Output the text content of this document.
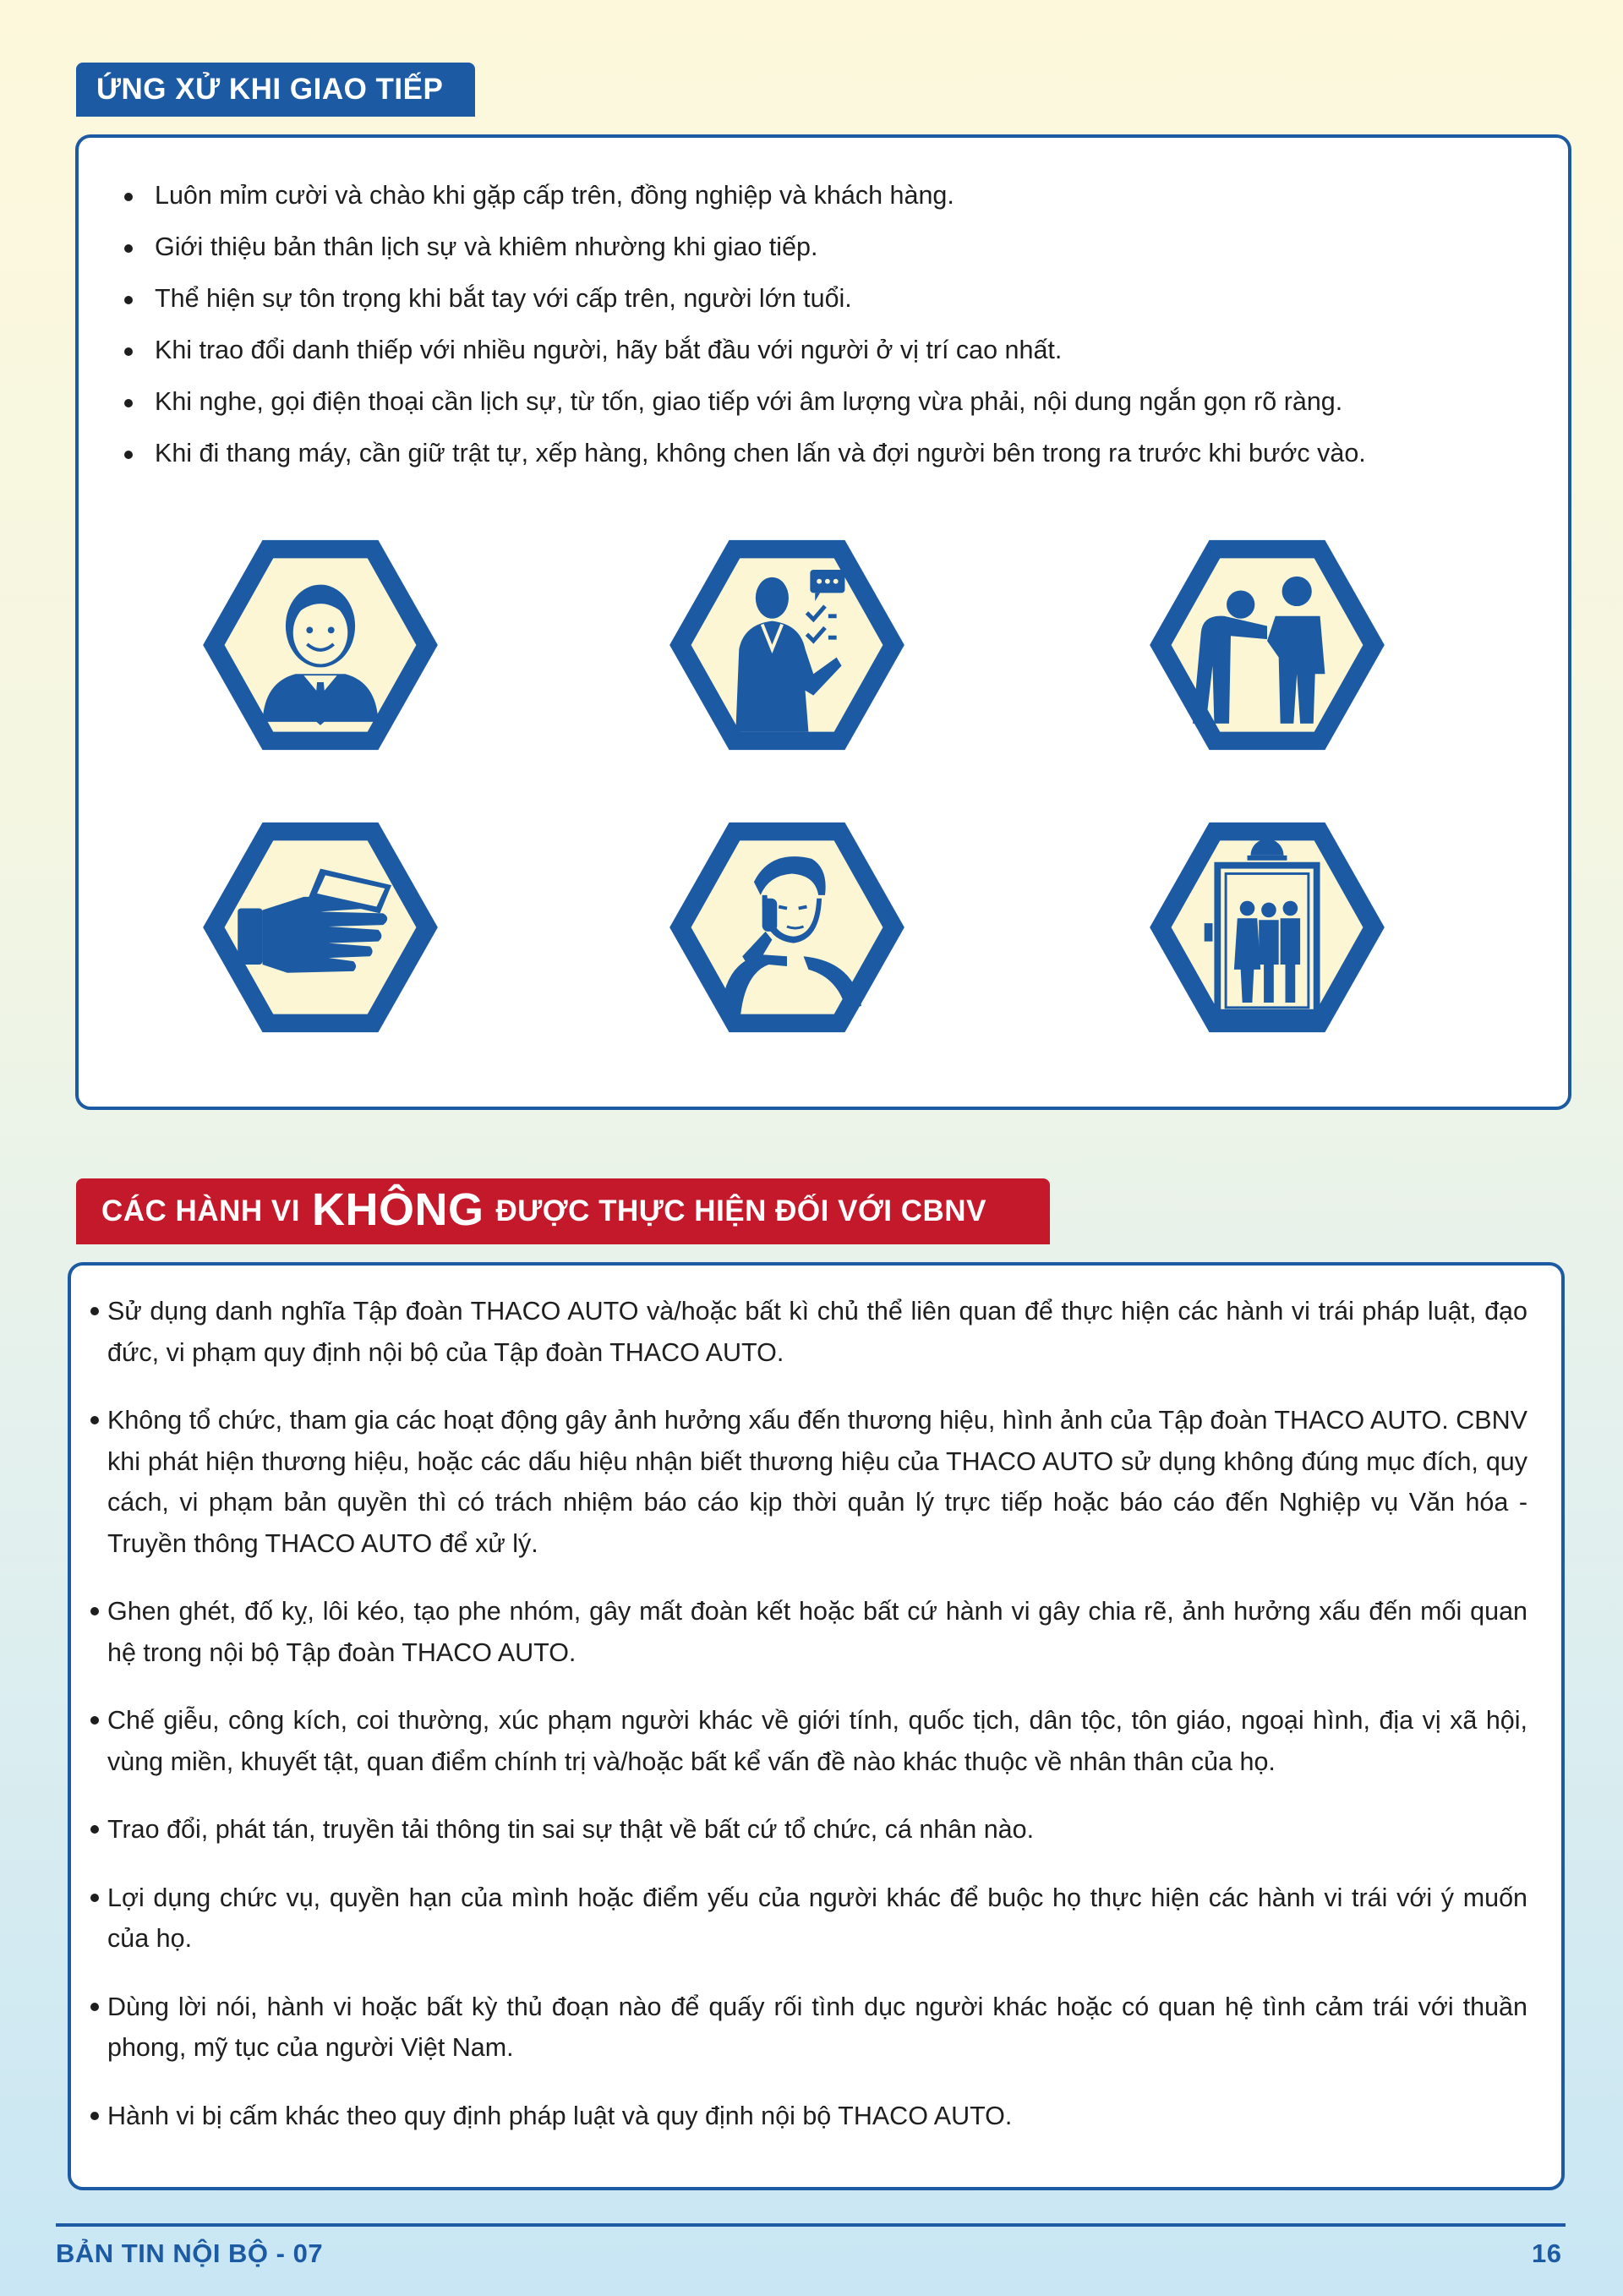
ỨNG XỬ KHI GIAO TIẾP
Luôn mỉm cười và chào khi gặp cấp trên, đồng nghiệp và khách hàng.
Giới thiệu bản thân lịch sự và khiêm nhường khi giao tiếp.
Thể hiện sự tôn trọng khi bắt tay với cấp trên, người lớn tuổi.
Khi trao đổi danh thiếp với nhiều người, hãy bắt đầu với người ở vị trí cao nhất.
Khi nghe, gọi điện thoại cần lịch sự, từ tốn, giao tiếp với âm lượng vừa phải, nội dung ngắn gọn rõ ràng.
Khi đi thang máy, cần giữ trật tự, xếp hàng, không chen lấn và đợi người bên trong ra trước khi bước vào.
CÁC HÀNH VI KHÔNG ĐƯỢC THỰC HIỆN ĐỐI VỚI CBNV
Sử dụng danh nghĩa Tập đoàn THACO AUTO và/hoặc bất kì chủ thể liên quan để thực hiện các hành vi trái pháp luật, đạo đức, vi phạm quy định nội bộ của Tập đoàn THACO AUTO.
Không tổ chức, tham gia các hoạt động gây ảnh hưởng xấu đến thương hiệu, hình ảnh của Tập đoàn THACO AUTO. CBNV khi phát hiện thương hiệu, hoặc các dấu hiệu nhận biết thương hiệu của THACO AUTO sử dụng không đúng mục đích, quy cách, vi phạm bản quyền thì có trách nhiệm báo cáo kịp thời quản lý trực tiếp hoặc báo cáo đến Nghiệp vụ Văn hóa - Truyền thông THACO AUTO để xử lý.
Ghen ghét, đố kỵ, lôi kéo, tạo phe nhóm, gây mất đoàn kết hoặc bất cứ hành vi gây chia rẽ, ảnh hưởng xấu đến mối quan hệ trong nội bộ Tập đoàn THACO AUTO.
Chế giễu, công kích, coi thường, xúc phạm người khác về giới tính, quốc tịch, dân tộc, tôn giáo, ngoại hình, địa vị xã hội, vùng miền, khuyết tật, quan điểm chính trị và/hoặc bất kể vấn đề nào khác thuộc về nhân thân của họ.
Trao đổi, phát tán, truyền tải thông tin sai sự thật về bất cứ tổ chức, cá nhân nào.
Lợi dụng chức vụ, quyền hạn của mình hoặc điểm yếu của người khác để buộc họ thực hiện các hành vi trái với ý muốn của họ.
Dùng lời nói, hành vi hoặc bất kỳ thủ đoạn nào để quấy rối tình dục người khác hoặc có quan hệ tình cảm trái với thuần phong, mỹ tục của người Việt Nam.
Hành vi bị cấm khác theo quy định pháp luật và quy định nội bộ THACO AUTO.
BẢN TIN NỘI BỘ - 07	16
